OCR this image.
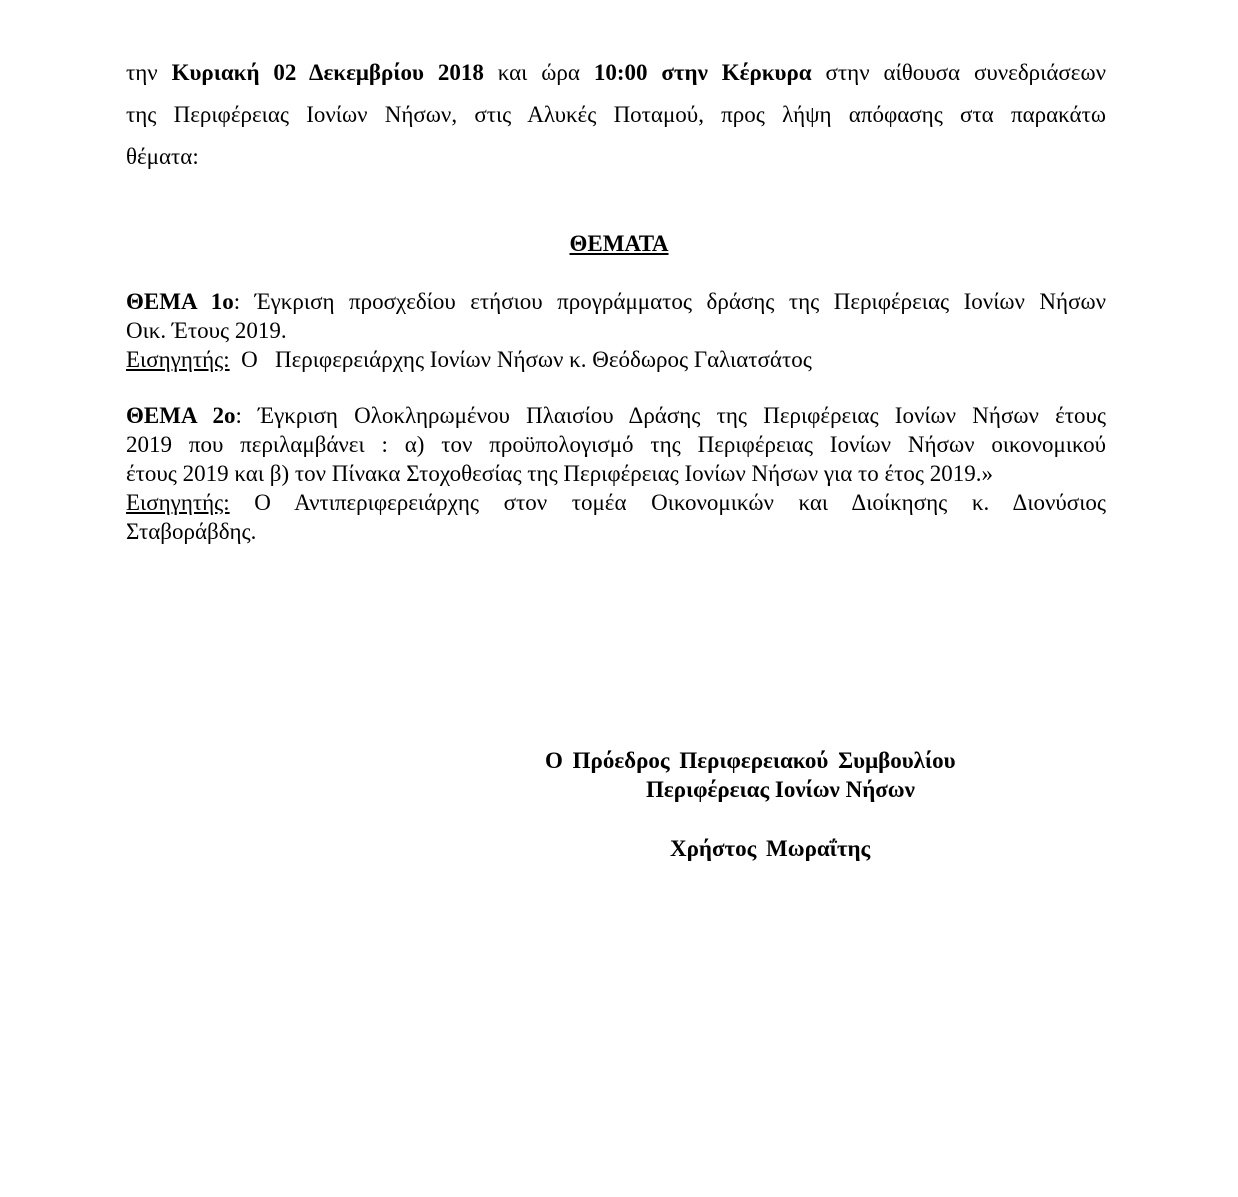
την Κυριακή 02 Δεκεμβρίου 2018 και ώρα 10:00 στην Κέρκυρα στην αίθουσα συνεδριάσεων
της Περιφέρειας Ιονίων Νήσων, στις Αλυκές Ποταμού, προς λήψη απόφασης στα παρακάτω
θέματα:
ΘΕΜΑΤΑ
ΘΕΜΑ 1ο: Έγκριση προσχεδίου ετήσιου προγράμματος δράσης της Περιφέρειας Ιονίων Νήσων
Οικ. Έτους 2019.
Εισηγητής:  Ο   Περιφερειάρχης Ιονίων Νήσων κ. Θεόδωρος Γαλιατσάτος
ΘΕΜΑ 2ο: Έγκριση Ολοκληρωμένου Πλαισίου Δράσης της Περιφέρειας Ιονίων Νήσων έτους
2019 που περιλαμβάνει : α) τον προϋπολογισμό της Περιφέρειας Ιονίων Νήσων οικονομικού
έτους 2019 και β) τον Πίνακα Στοχοθεσίας της Περιφέρειας Ιονίων Νήσων για το έτος 2019.»
Εισηγητής: Ο Αντιπεριφερειάρχης στον τομέα Οικονομικών και Διοίκησης κ. Διονύσιος
Σταβοράβδης.
Ο Πρόεδρος Περιφερειακού Συμβουλίου
Περιφέρειας Ιονίων Νήσων
Χρήστος Μωραΐτης
